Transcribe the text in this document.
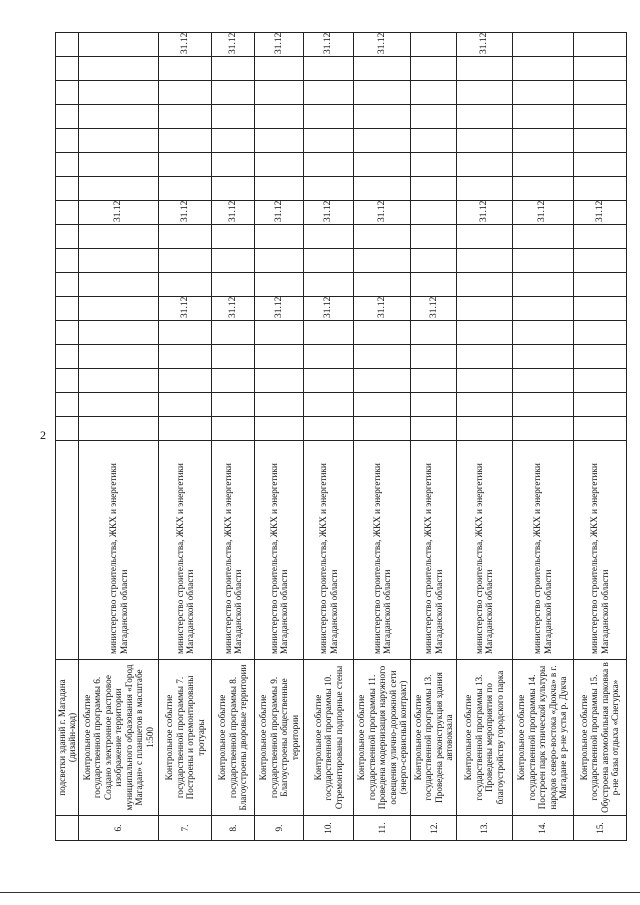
2
	подсветки зданий г. Магадана (дизайн-код)																		
6.	Контрольное событие государственной программы 6. Создано электронное растровое изображение территории муниципального образования «Город Магадан» с планшетов в масштабе 1:500	министерство строительства, ЖКХ и энергетики Магаданской области										31.12							
7.	Контрольное событие государственной программы 7. Построены и отремонтированы тротуары	министерство строительства, ЖКХ и энергетики Магаданской области						31.12				31.12							31.12
8.	Контрольное событие государственной программы 8. Благоустроены дворовые территории	министерство строительства, ЖКХ и энергетики Магаданской области						31.12				31.12							31.12
9.	Контрольное событие государственной программы 9. Благоустроены общественные территории	министерство строительства, ЖКХ и энергетики Магаданской области						31.12				31.12							31.12
10.	Контрольное событие государственной программы 10. Отремонтированы подпорные стены	министерство строительства, ЖКХ и энергетики Магаданской области						31.12				31.12							31.12
11.	Контрольное событие государственной программы 11. Проведена модернизация наружного освещения улично-дорожной сети (энерго-сервисный контракт)	министерство строительства, ЖКХ и энергетики Магаданской области						31.12				31.12							31.12
12.	Контрольное событие государственной программы 13. Проведена реконструкция здания автовокзала	министерство строительства, ЖКХ и энергетики Магаданской области						31.12											
13.	Контрольное событие государственной программы 13. Проведены мероприятия по благоустройству городского парка	министерство строительства, ЖКХ и энергетики Магаданской области										31.12							31.12
14.	Контрольное событие государственной программы 14. Построен парк этнической культуры народов северо-востока «Дюкча» в г. Магадане в р-не устья р. Дукча	министерство строительства, ЖКХ и энергетики Магаданской области										31.12							
15.	Контрольное событие государственной программы 15. Обустроена автомобильная парковка в р-не базы отдыха «Снегурка»	министерство строительства, ЖКХ и энергетики Магаданской области										31.12							
